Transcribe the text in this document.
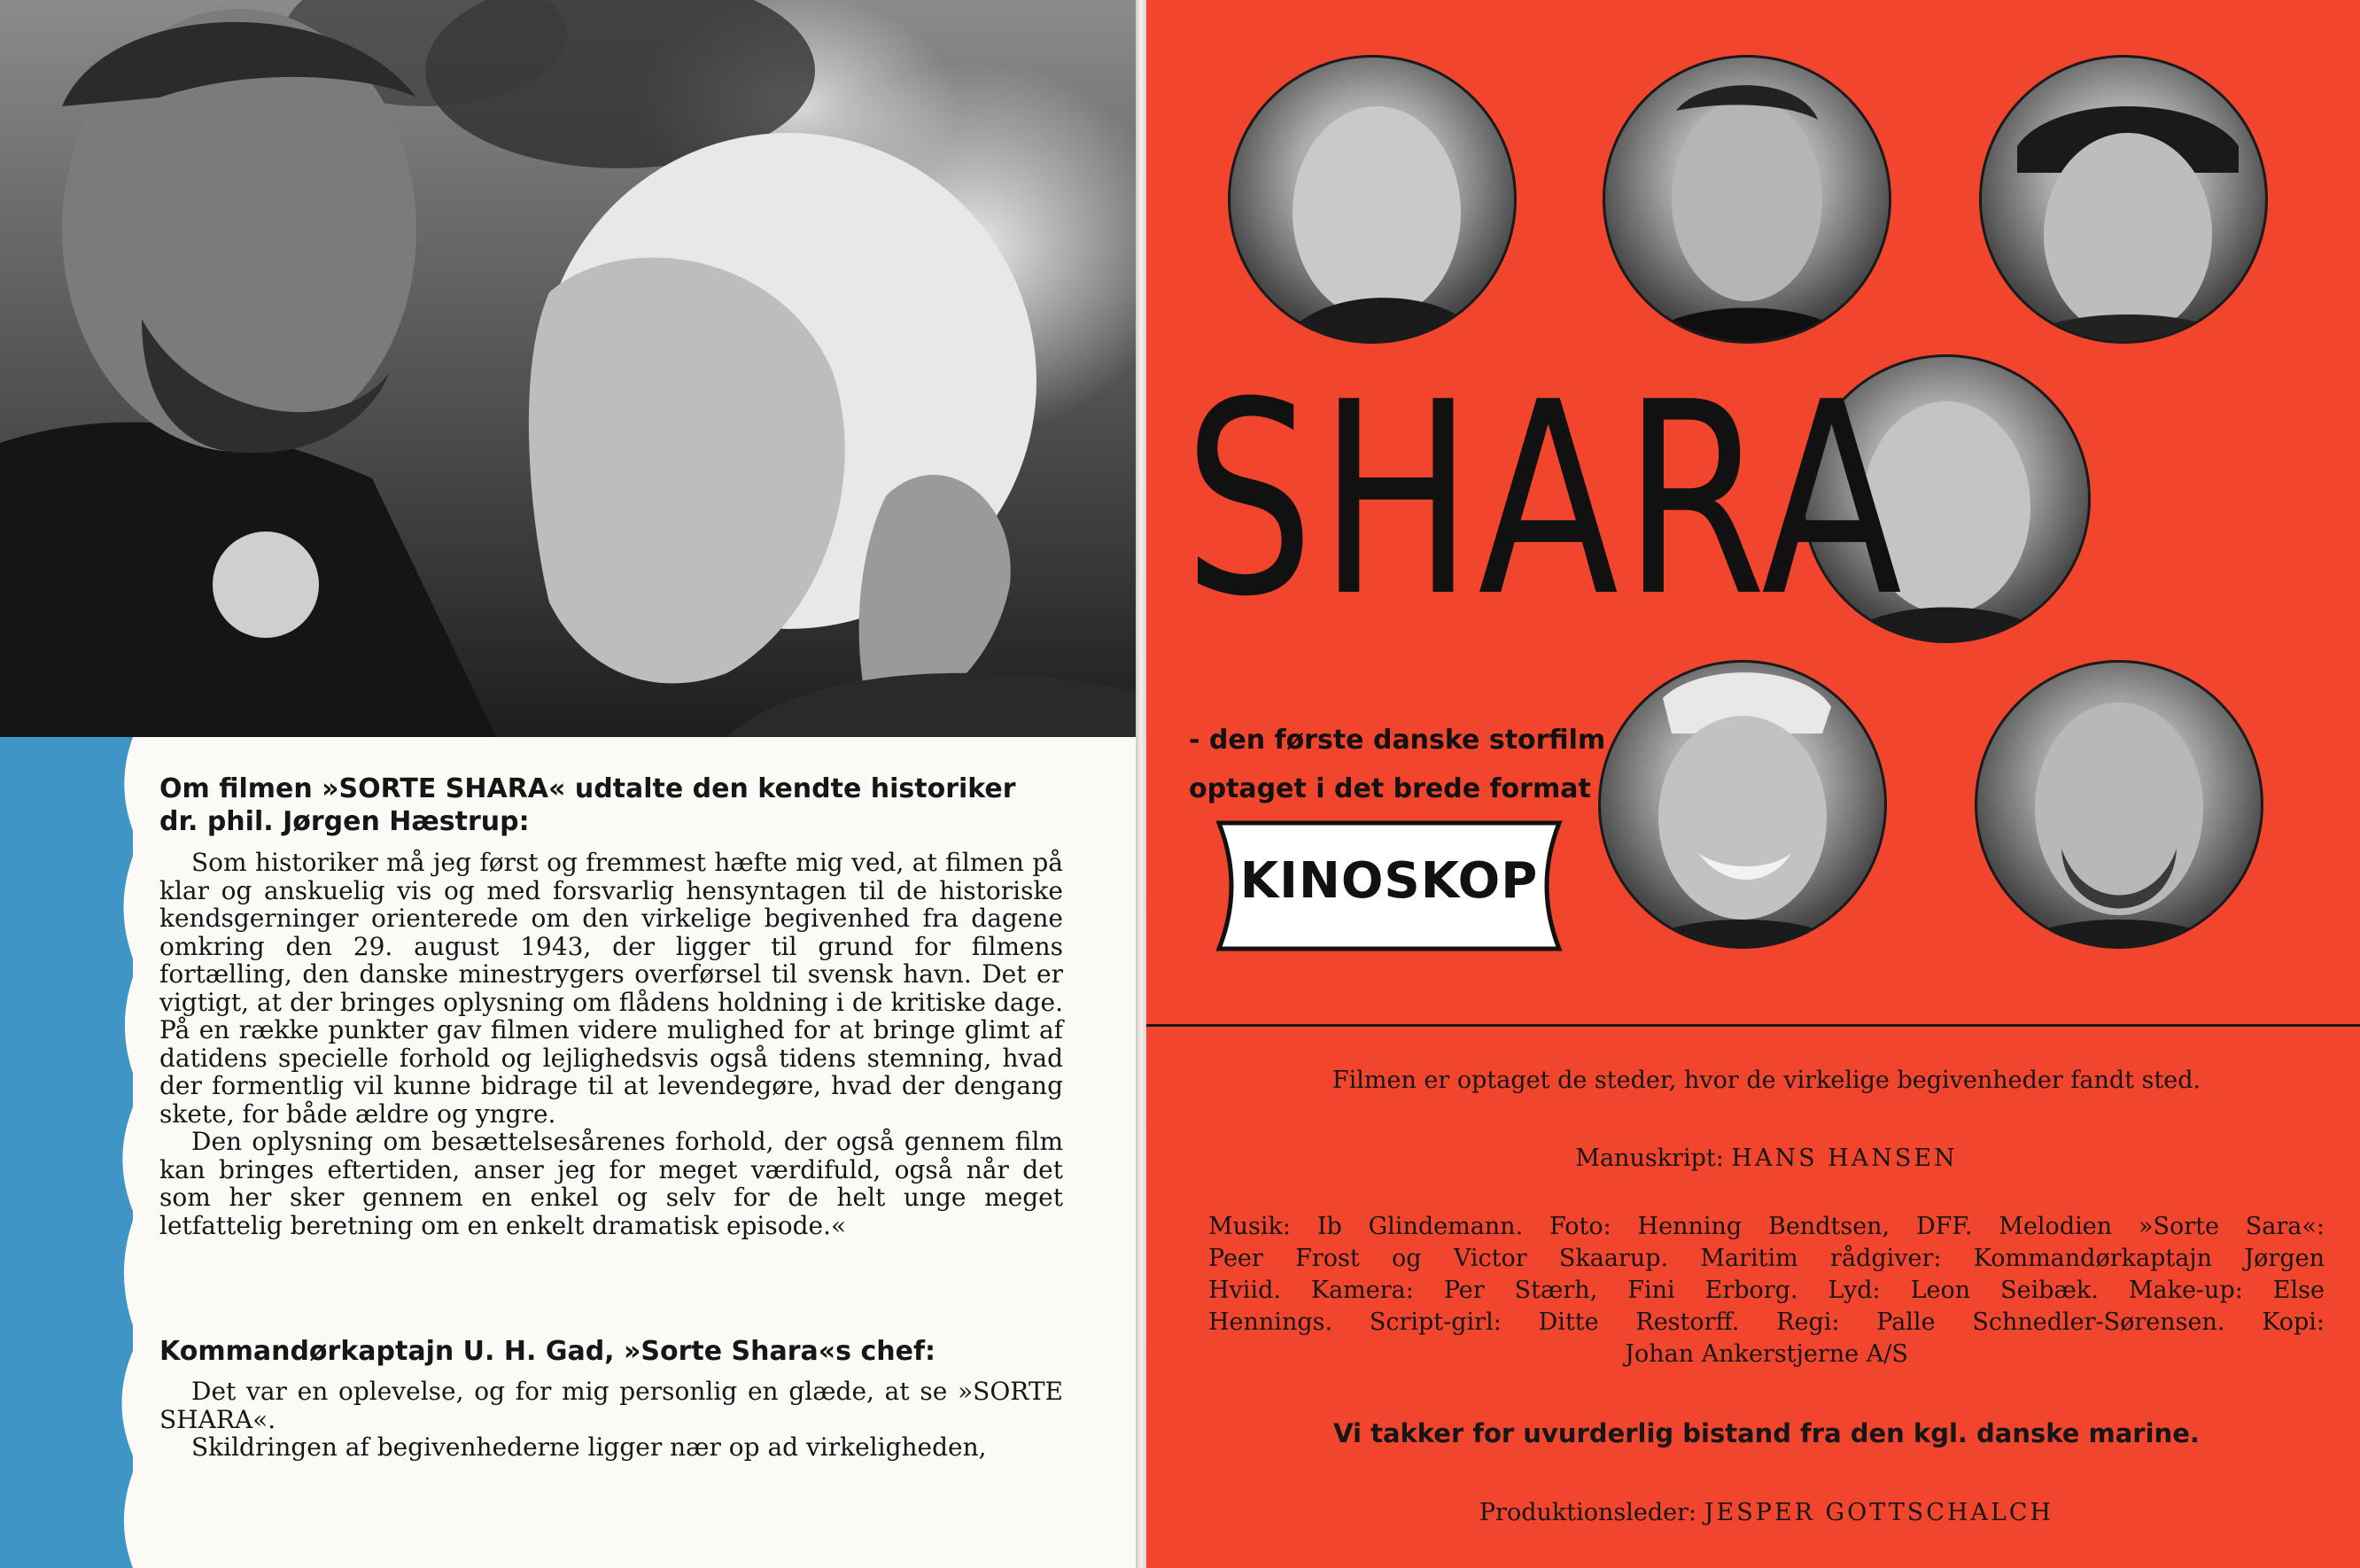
Om filmen »SORTE SHARA« udtalte den kendte historiker
dr. phil. Jørgen Hæstrup:

Som historiker må jeg først og fremmest hæfte mig ved, at filmen på klar og anskuelig vis og med forsvarlig hensyntagen til de historiske kendsgerninger orienterede om den virkelige begivenhed fra dagene omkring den 29. august 1943, der ligger til grund for filmens fortælling, den danske minestrygers overførsel til svensk havn. Det er vigtigt, at der bringes oplysning om flådens holdning i de kritiske dage. På en række punkter gav filmen videre mulighed for at bringe glimt af datidens specielle forhold og lejlighedsvis også tidens stemning, hvad der formentlig vil kunne bidrage til at levendegøre, hvad der dengang skete, for både ældre og yngre.

Den oplysning om besættelsesårenes forhold, der også gennem film kan bringes eftertiden, anser jeg for meget værdifuld, også når det som her sker gennem en enkel og selv for de helt unge meget letfattelig beretning om en enkelt dramatisk episode.«

Kommandørkaptajn U. H. Gad, »Sorte Shara«s chef:

Det var en oplevelse, og for mig personlig en glæde, at se »SORTE SHARA«.

Skildringen af begivenhederne ligger nær op ad virkeligheden,

SHARA
- den første danske storfilm
optaget i det brede format
KINOSKOP
Filmen er optaget de steder, hvor de virkelige begivenheder fandt sted.
Manuskript: HANS HANSEN
Musik: Ib Glindemann. Foto: Henning Bendtsen, DFF. Melodien »Sorte Sara«:
Peer Frost og Victor Skaarup. Maritim rådgiver: Kommandørkaptajn Jørgen
Hviid. Kamera: Per Stærh, Fini Erborg. Lyd: Leon Seibæk. Make-up: Else
Hennings. Script-girl: Ditte Restorff. Regi: Palle Schnedler-Sørensen. Kopi:
Johan Ankerstjerne A/S
Vi takker for uvurderlig bistand fra den kgl. danske marine.
Produktionsleder: JESPER GOTTSCHALCH
